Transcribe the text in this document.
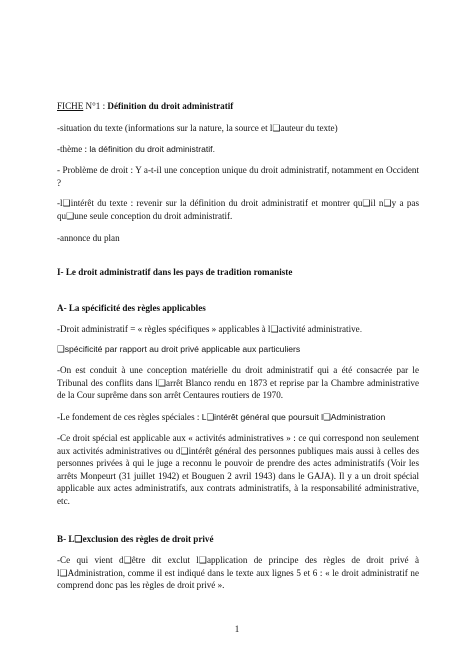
FICHE N°1 : Définition du droit administratif
-situation du texte (informations sur la nature, la source et l❑auteur du texte)
-thème : la définition du droit administratif.
- Problème de droit : Y a-t-il une conception unique du droit administratif, notamment en Occident ?
-l❑intérêt du texte : revenir sur la définition du droit administratif et montrer qu❑il n❑y a pas qu❑une seule conception du droit administratif.
-annonce du plan
I- Le droit administratif dans les pays de tradition romaniste
A- La spécificité des règles applicables
-Droit administratif = « règles spécifiques » applicables à l❑activité administrative.
❑spécificité par rapport au droit privé applicable aux particuliers
-On est conduit à une conception matérielle du droit administratif qui a été consacrée par le Tribunal des conflits dans l❑arrêt Blanco rendu en 1873 et reprise par la Chambre administrative de la Cour suprême dans son arrêt Centaures routiers de 1970.
-Le fondement de ces règles spéciales : L❑intérêt général que poursuit l❑Administration
-Ce droit spécial est applicable aux « activités administratives » : ce qui correspond non seulement aux activités administratives ou d❑intérêt général des personnes publiques mais aussi à celles des personnes privées à qui le juge a reconnu le pouvoir de prendre des actes administratifs (Voir les arrêts Monpeurt (31 juillet 1942) et Bouguen 2 avril 1943) dans le GAJA). Il y a un droit spécial applicable aux actes administratifs, aux contrats administratifs, à la responsabilité administrative, etc.
B- L❑exclusion des règles de droit privé
-Ce qui vient d❑être dit exclut l❑application de principe des règles de droit privé à l❑Administration, comme il est indiqué dans le texte aux lignes 5 et 6 : « le droit administratif ne comprend donc pas les règles de droit privé ».
1
